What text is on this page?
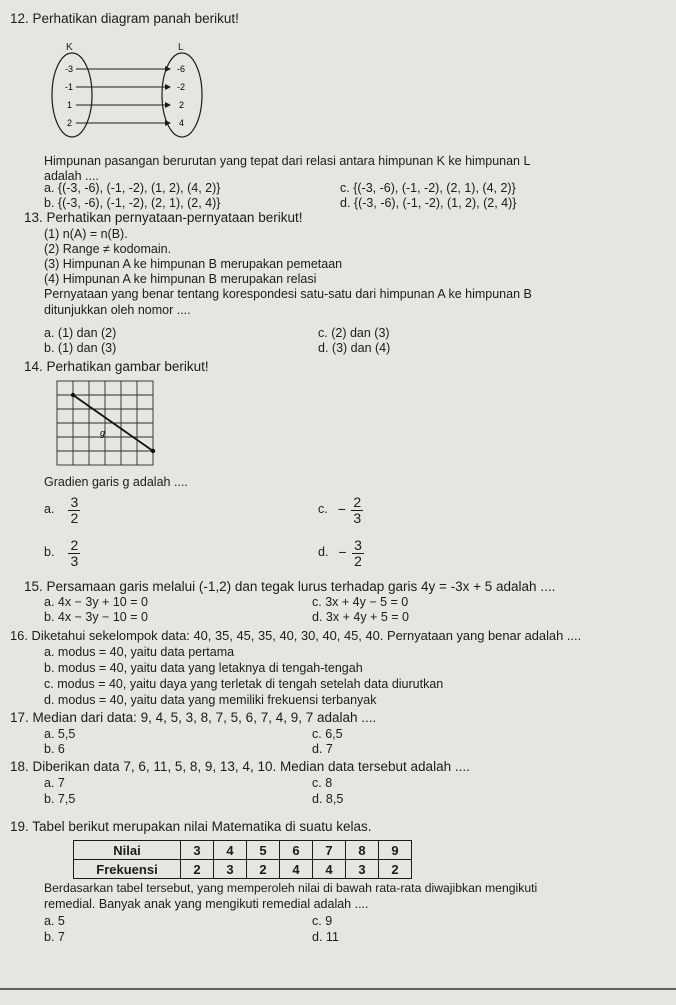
12. Perhatikan diagram panah berikut!
K	L
-3
-1
1
2
-6
-2
2
4
Himpunan pasangan berurutan yang tepat dari relasi antara himpunan K ke himpunan L
adalah ....
a. {(-3, -6), (-1, -2), (1, 2), (4, 2)}
b. {(-3, -6), (-1, -2), (2, 1), (2, 4)}
c. {(-3, -6), (-1, -2), (2, 1), (4, 2)}
d. {(-3, -6), (-1, -2), (1, 2), (2, 4)}
13. Perhatikan pernyataan-pernyataan berikut!
(1) n(A) = n(B).
(2) Range ≠ kodomain.
(3) Himpunan A ke himpunan B merupakan pemetaan
(4) Himpunan A ke himpunan B merupakan relasi
Pernyataan yang benar tentang korespondesi satu-satu dari himpunan A ke himpunan B
ditunjukkan oleh nomor ....
a. (1) dan (2)
b. (1) dan (3)
c. (2) dan (3)
d. (3) dan (4)
14. Perhatikan gambar berikut!
g
Gradien garis g adalah ....
a. $\frac{3}{2}$
b. $\frac{2}{3}$
c. − $\frac{2}{3}$
d. − $\frac{3}{2}$
15. Persamaan garis melalui (-1,2) dan tegak lurus terhadap garis 4y = -3x + 5 adalah ....
a. 4x − 3y + 10 = 0
b. 4x − 3y − 10 = 0
c. 3x + 4y − 5 = 0
d. 3x + 4y + 5 = 0
16. Diketahui sekelompok data: 40, 35, 45, 35, 40, 30, 40, 45, 40. Pernyataan yang benar adalah ....
a. modus = 40, yaitu data pertama
b. modus = 40, yaitu data yang letaknya di tengah-tengah
c. modus = 40, yaitu daya yang terletak di tengah setelah data diurutkan
d. modus = 40, yaitu data yang memiliki frekuensi terbanyak
17. Median dari data: 9, 4, 5, 3, 8, 7, 5, 6, 7, 4, 9, 7 adalah ....
a. 5,5
b. 6
c. 6,5
d. 7
18. Diberikan data 7, 6, 11, 5, 8, 9, 13, 4, 10. Median data tersebut adalah ....
a. 7
b. 7,5
c. 8
d. 8,5
19. Tabel berikut merupakan nilai Matematika di suatu kelas.
Nilai	3	4	5	6	7	8	9
Frekuensi	2	3	2	4	4	3	2
Berdasarkan tabel tersebut, yang memperoleh nilai di bawah rata-rata diwajibkan mengikuti
remedial. Banyak anak yang mengikuti remedial adalah ....
a. 5
b. 7
c. 9
d. 11
